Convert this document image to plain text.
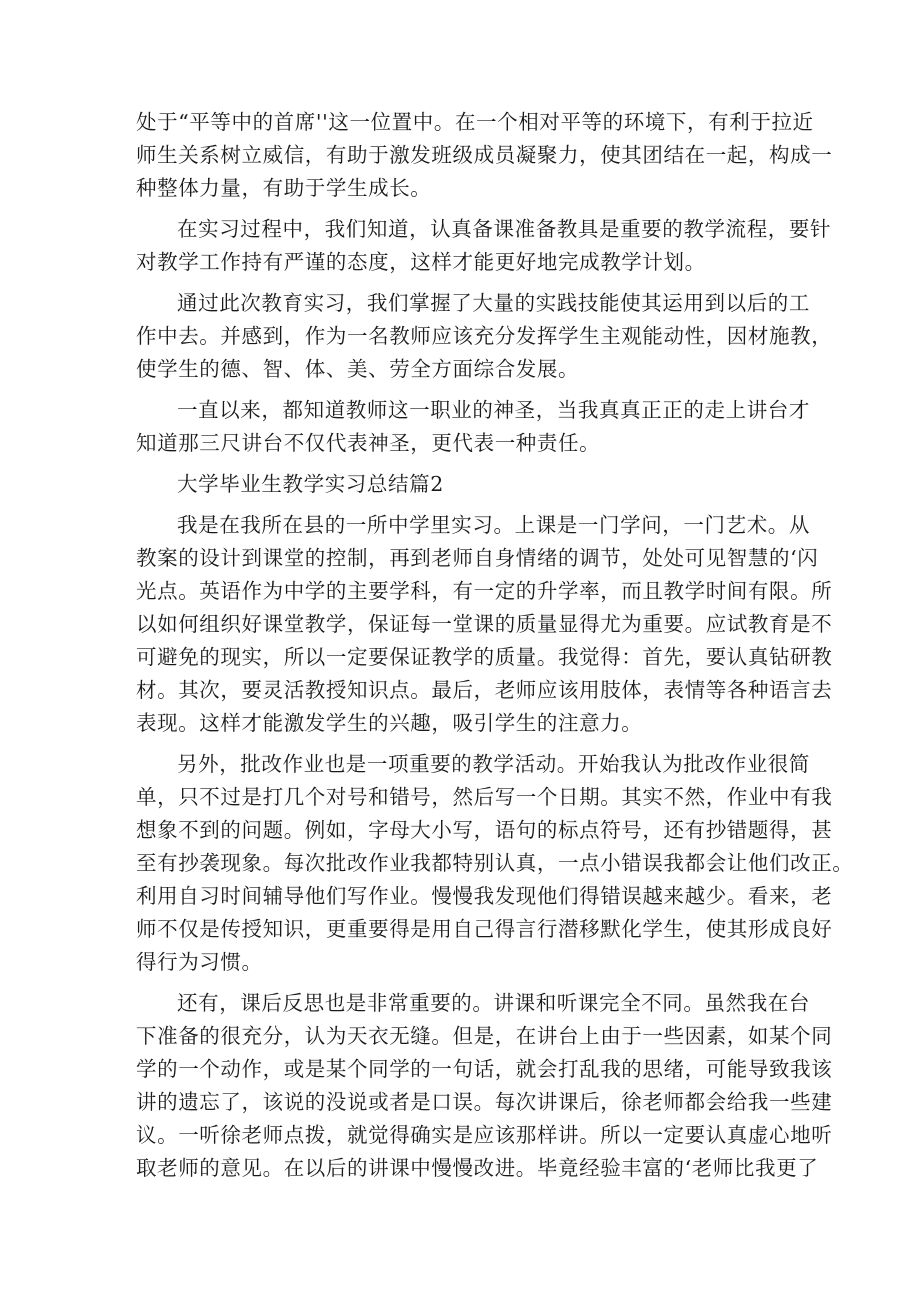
处于“平等中的首席''这一位置中。在一个相对平等的环境下，有利于拉近
师生关系树立威信，有助于激发班级成员凝聚力，使其团结在一起，构成一
种整体力量，有助于学生成长。
在实习过程中，我们知道，认真备课准备教具是重要的教学流程，要针
对教学工作持有严谨的态度，这样才能更好地完成教学计划。
通过此次教育实习，我们掌握了大量的实践技能使其运用到以后的工
作中去。并感到，作为一名教师应该充分发挥学生主观能动性，因材施教，
使学生的德、智、体、美、劳全方面综合发展。
一直以来，都知道教师这一职业的神圣，当我真真正正的走上讲台才
知道那三尺讲台不仅代表神圣，更代表一种责任。
大学毕业生教学实习总结篇2
我是在我所在县的一所中学里实习。上课是一门学问，一门艺术。从
教案的设计到课堂的控制，再到老师自身情绪的调节，处处可见智慧的‘闪
光点。英语作为中学的主要学科，有一定的升学率，而且教学时间有限。所
以如何组织好课堂教学，保证每一堂课的质量显得尤为重要。应试教育是不
可避免的现实，所以一定要保证教学的质量。我觉得：首先，要认真钻研教
材。其次，要灵活教授知识点。最后，老师应该用肢体，表情等各种语言去
表现。这样才能激发学生的兴趣，吸引学生的注意力。
另外，批改作业也是一项重要的教学活动。开始我认为批改作业很简
单，只不过是打几个对号和错号，然后写一个日期。其实不然，作业中有我
想象不到的问题。例如，字母大小写，语句的标点符号，还有抄错题得，甚
至有抄袭现象。每次批改作业我都特别认真，一点小错误我都会让他们改正。
利用自习时间辅导他们写作业。慢慢我发现他们得错误越来越少。看来，老
师不仅是传授知识，更重要得是用自己得言行潜移默化学生，使其形成良好
得行为习惯。
还有，课后反思也是非常重要的。讲课和听课完全不同。虽然我在台
下准备的很充分，认为天衣无缝。但是，在讲台上由于一些因素，如某个同
学的一个动作，或是某个同学的一句话，就会打乱我的思绪，可能导致我该
讲的遗忘了，该说的没说或者是口误。每次讲课后，徐老师都会给我一些建
议。一听徐老师点拨，就觉得确实是应该那样讲。所以一定要认真虚心地听
取老师的意见。在以后的讲课中慢慢改进。毕竟经验丰富的‘老师比我更了
